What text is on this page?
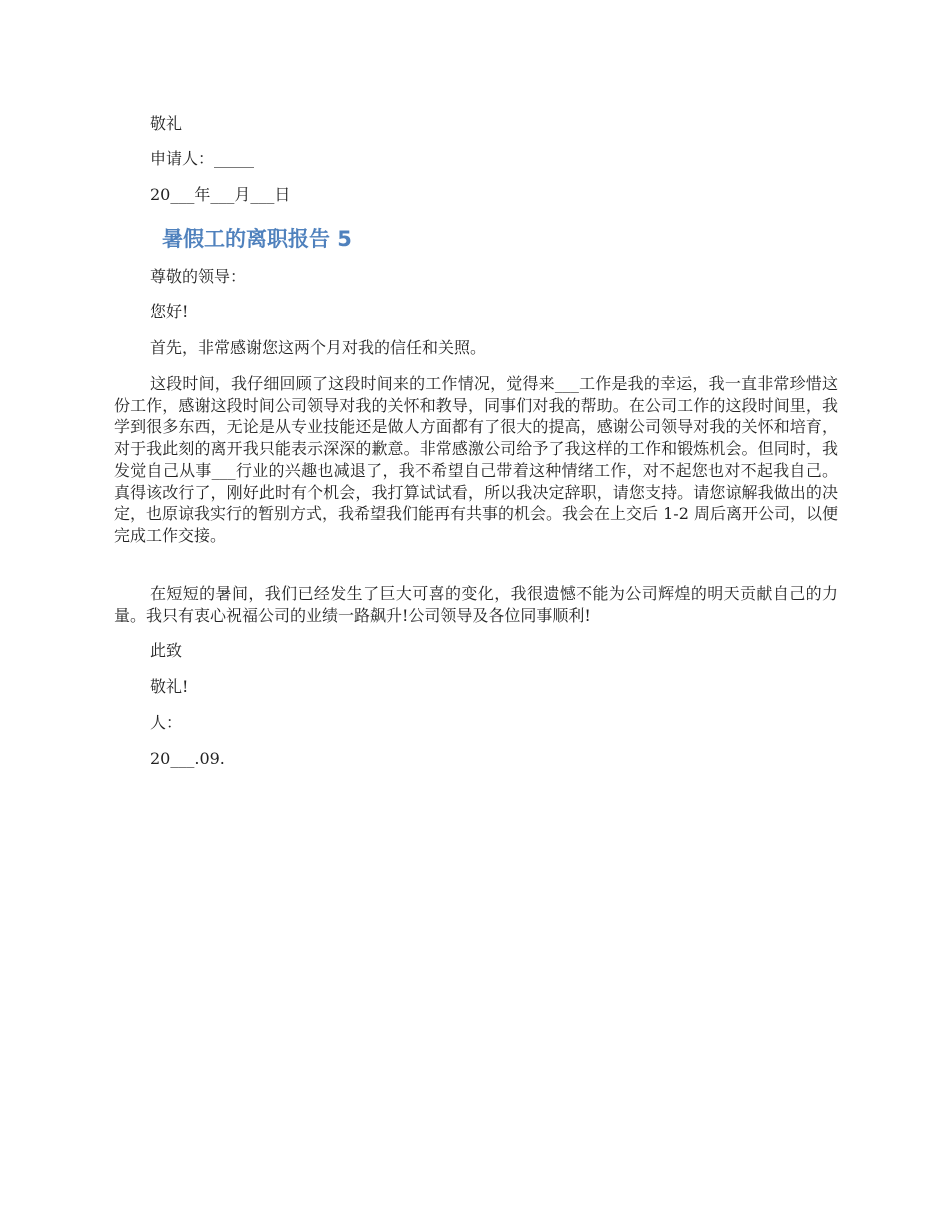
敬礼
申请人：_____
20___年___月___日
暑假工的离职报告 5
尊敬的领导：
您好!
首先，非常感谢您这两个月对我的信任和关照。
这段时间，我仔细回顾了这段时间来的工作情况，觉得来___工作是我的幸运，我一直非常珍惜这份工作，感谢这段时间公司领导对我的关怀和教导，同事们对我的帮助。在公司工作的这段时间里，我学到很多东西，无论是从专业技能还是做人方面都有了很大的提高，感谢公司领导对我的关怀和培育，对于我此刻的离开我只能表示深深的歉意。非常感激公司给予了我这样的工作和锻炼机会。但同时，我发觉自己从事___行业的兴趣也减退了，我不希望自己带着这种情绪工作，对不起您也对不起我自己。真得该改行了，刚好此时有个机会，我打算试试看，所以我决定辞职，请您支持。请您谅解我做出的决定，也原谅我实行的暂别方式，我希望我们能再有共事的机会。我会在上交后 1-2 周后离开公司，以便完成工作交接。
在短短的暑间，我们已经发生了巨大可喜的变化，我很遗憾不能为公司辉煌的明天贡献自己的力量。我只有衷心祝福公司的业绩一路飙升!公司领导及各位同事顺利!
此致
敬礼!
人：
20___.09.
